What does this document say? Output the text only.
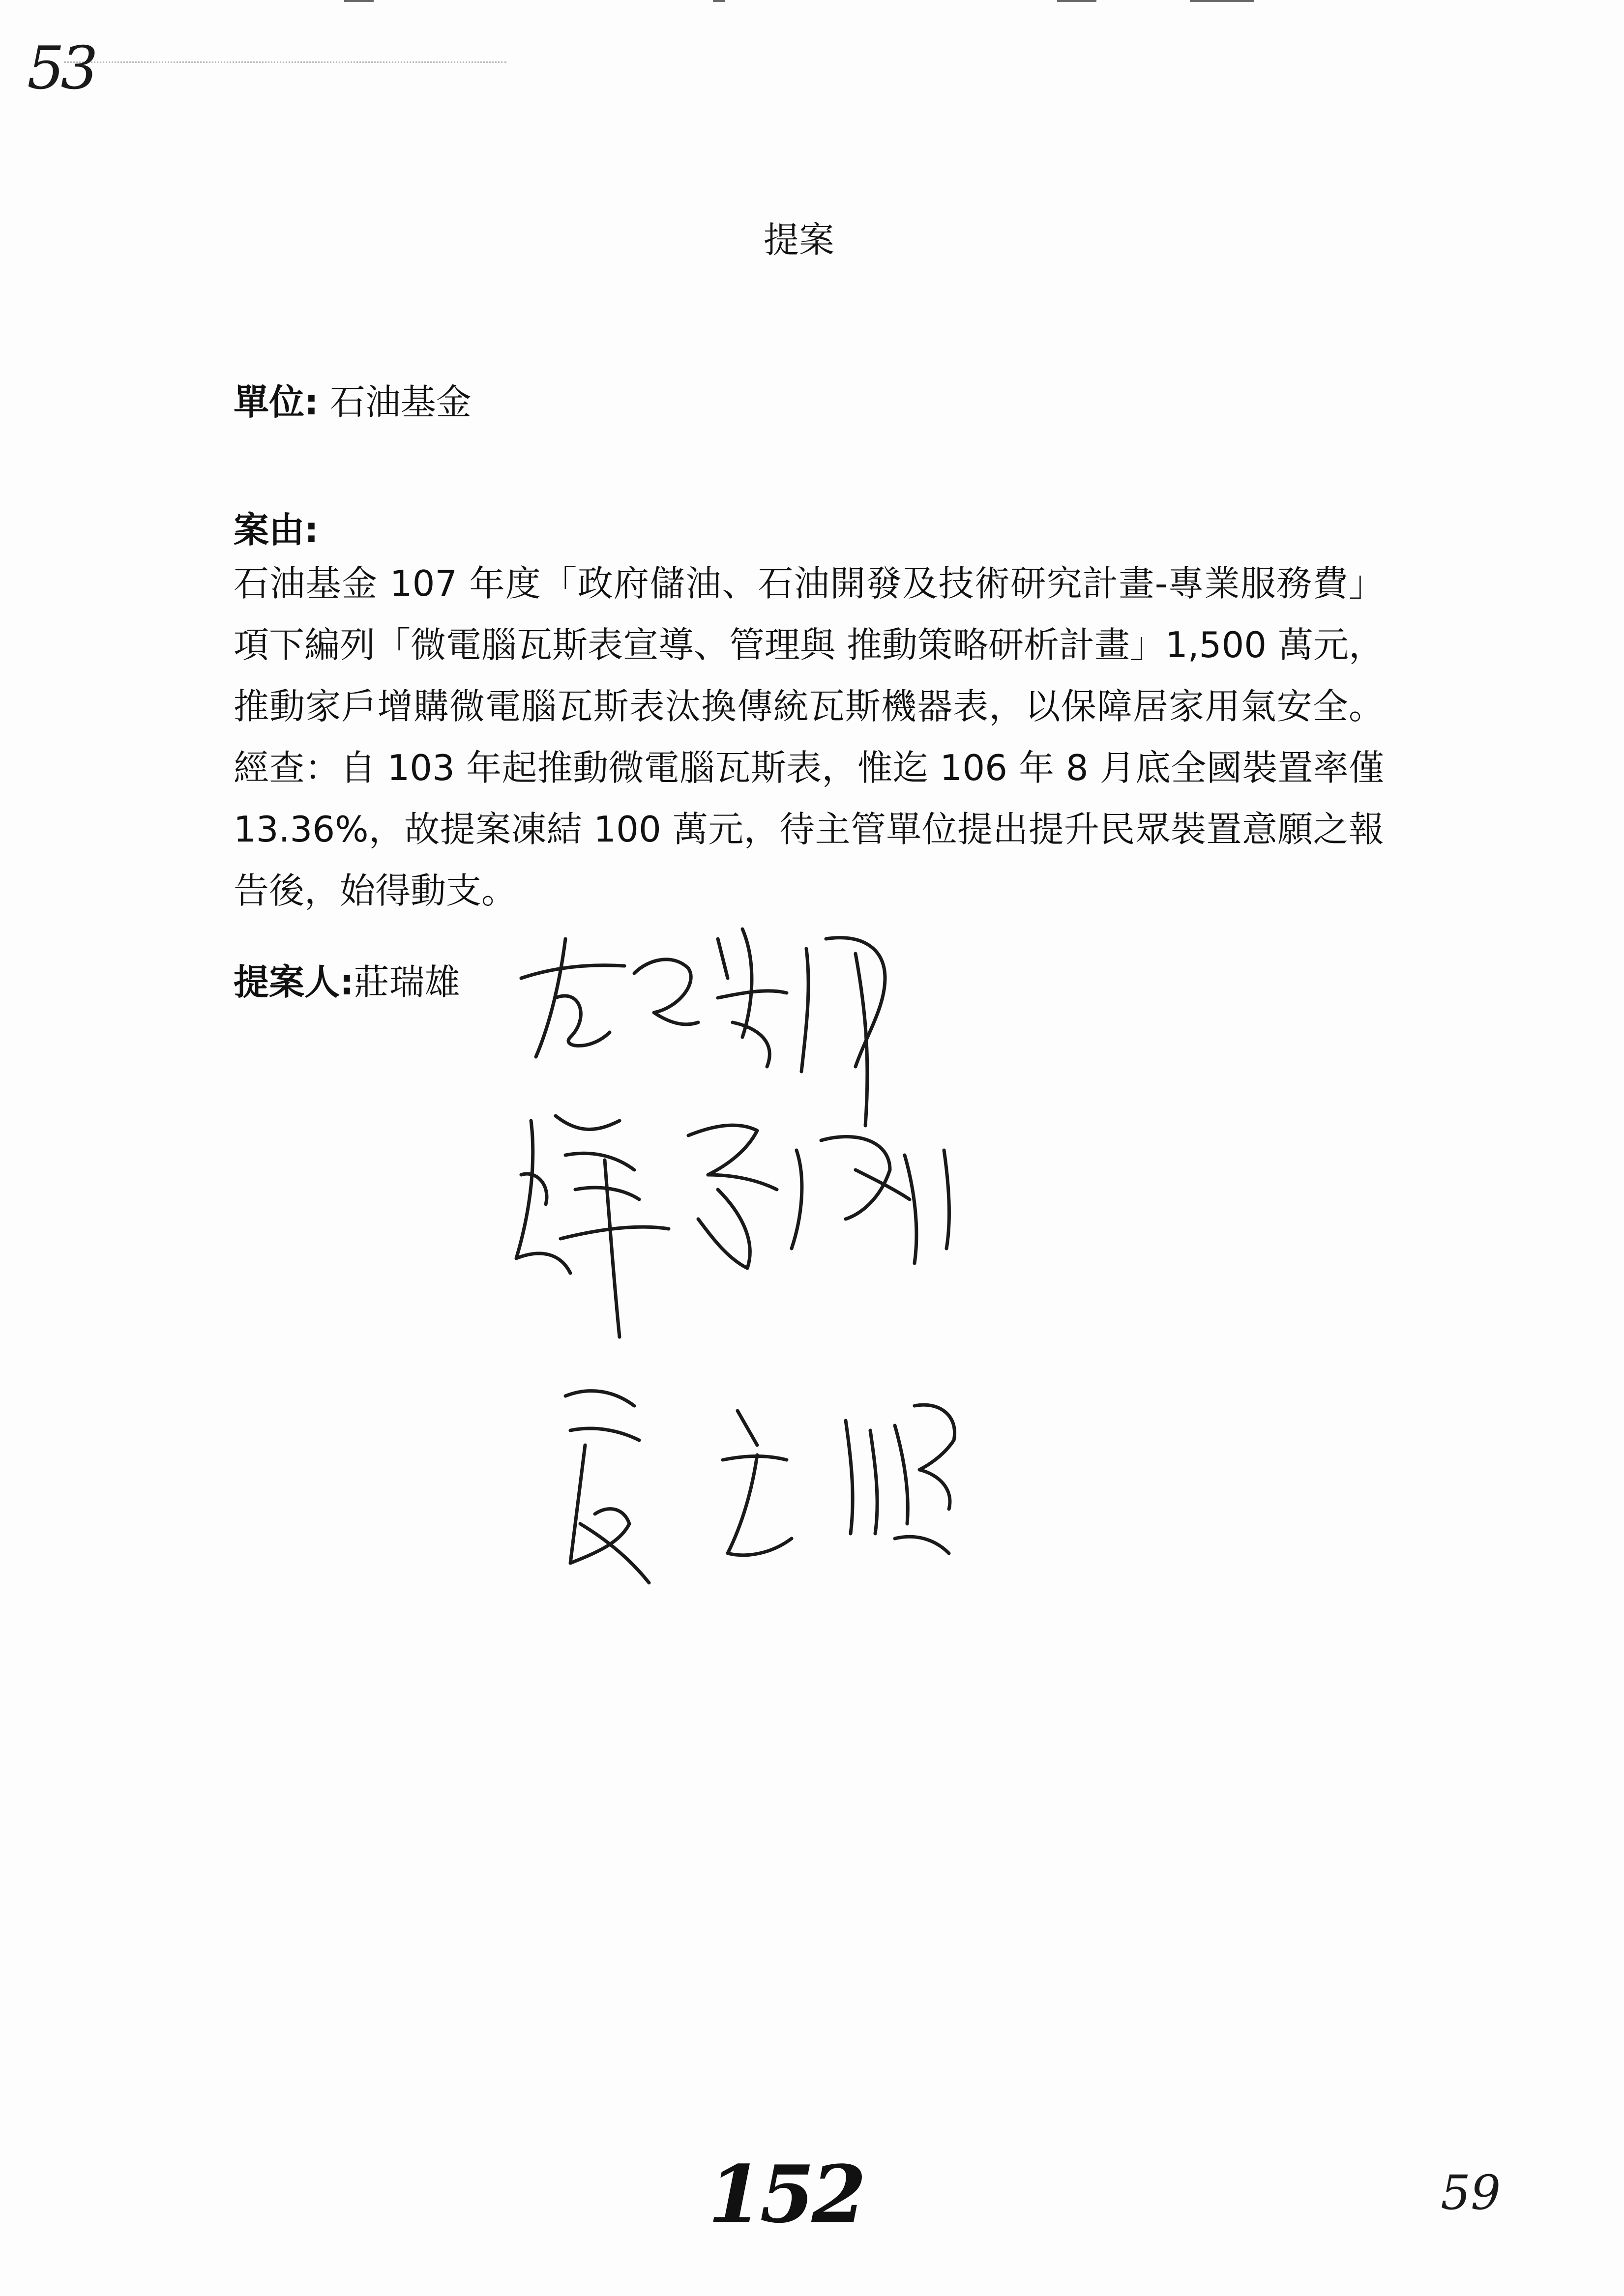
53
提案
單位: 石油基金
案由:
石油基金 107 年度「政府儲油、石油開發及技術研究計畫-專業服務費」項下編列「微電腦瓦斯表宣導、管理與 推動策略研析計畫」1,500 萬元，推動家戶增購微電腦瓦斯表汰換傳統瓦斯機器表，以保障居家用氣安全。經查：自 103 年起推動微電腦瓦斯表，惟迄 106 年 8 月底全國裝置率僅 13.36%，故提案凍結 100 萬元，待主管單位提出提升民眾裝置意願之報告後，始得動支。
提案人:莊瑞雄
152	59
